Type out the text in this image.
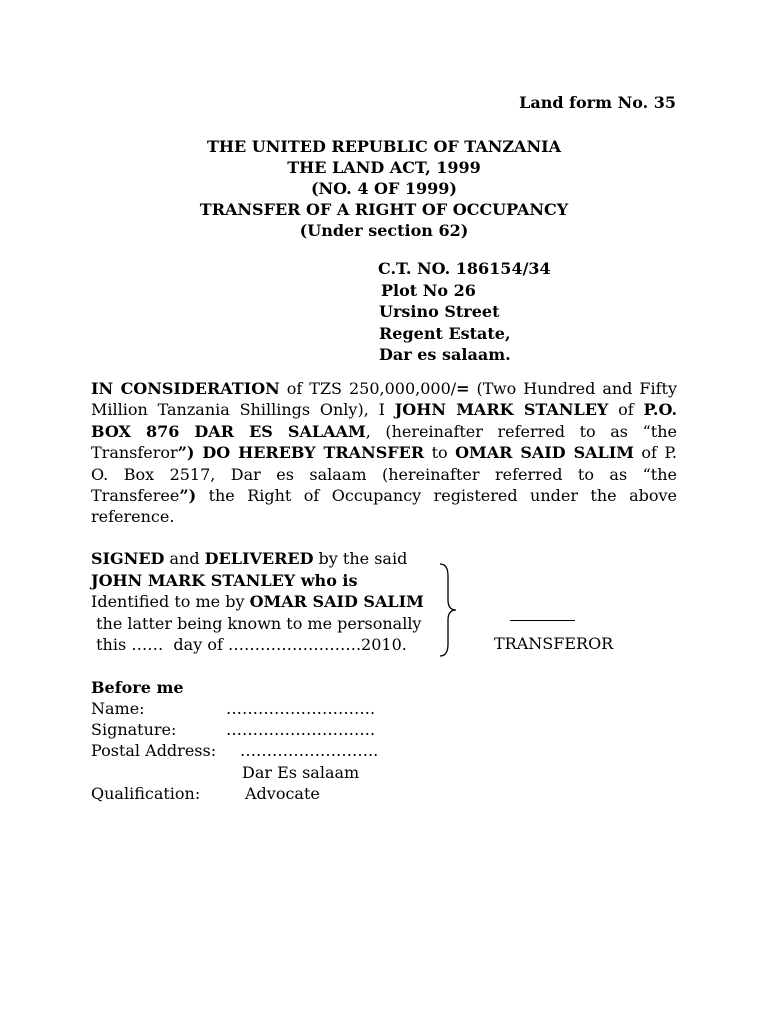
Land form No. 35
THE UNITED REPUBLIC OF TANZANIA
THE LAND ACT, 1999
(NO. 4 OF 1999)
TRANSFER OF A RIGHT OF OCCUPANCY
(Under section 62)
C.T. NO. 186154/34
Plot No 26
Ursino Street
Regent Estate,
Dar es salaam.
IN CONSIDERATION of TZS 250,000,000/= (Two Hundred and Fifty Million Tanzania Shillings Only), I JOHN MARK STANLEY of P.O. BOX 876 DAR ES SALAAM, (hereinafter referred to as “the Transferor”) DO HEREBY TRANSFER to OMAR SAID SALIM of P. O. Box 2517, Dar es salaam (hereinafter referred to as “the Transferee”) the Right of Occupancy registered under the above reference.
SIGNED and DELIVERED by the said
JOHN MARK STANLEY who is
Identified to me by OMAR SAID SALIM
the latter being known to me personally
this ……  day of …………………….2010.	TRANSFEROR
Before me
Name:	……………………….
Signature:	……………………….
Postal Address: ……………………..
Dar Es salaam
Qualification:	Advocate
